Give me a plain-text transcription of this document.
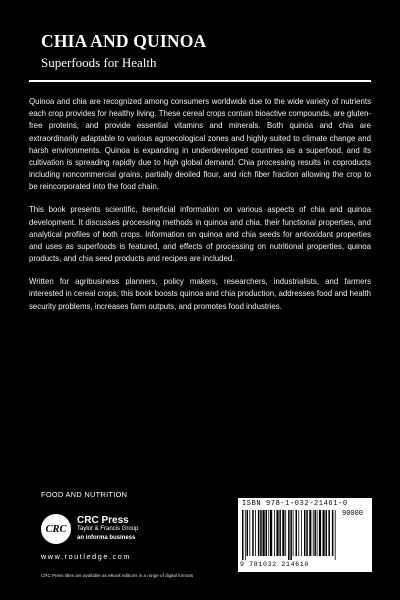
CHIA AND QUINOA
Superfoods for Health

Quinoa and chia are recognized among consumers worldwide due to the wide variety of nutrients each crop provides for healthy living. These cereal crops contain bioactive compounds, are gluten-free proteins, and provide essential vitamins and minerals. Both quinoa and chia are extraordinarily adaptable to various agroecological zones and highly suited to climate change and harsh environments. Quinoa is expanding in underdeveloped countries as a superfood, and its cultivation is spreading rapidly due to high global demand. Chia processing results in coproducts including noncommercial grains, partially deoiled flour, and rich fiber fraction allowing the crop to be reincorporated into the food chain.

This book presents scientific, beneficial information on various aspects of chia and quinoa development. It discusses processing methods in quinoa and chia, their functional properties, and analytical profiles of both crops. Information on quinoa and chia seeds for antioxidant properties and uses as superfoods is featured, and effects of processing on nutritional properties, quinoa products, and chia seed products and recipes are included.

Written for agribusiness planners, policy makers, researchers, industrialists, and farmers interested in cereal crops, this book boosts quinoa and chia production, addresses food and health security problems, increases farm outputs, and promotes food industries.

FOOD AND NUTRITION
CRC
CRC Press
Taylor & Francis Group
an informa business
www.routledge.com
CRC Press titles are available as eBook editions in a range of digital formats
ISBN 978-1-032-21461-0
90000
9 781032 214610
